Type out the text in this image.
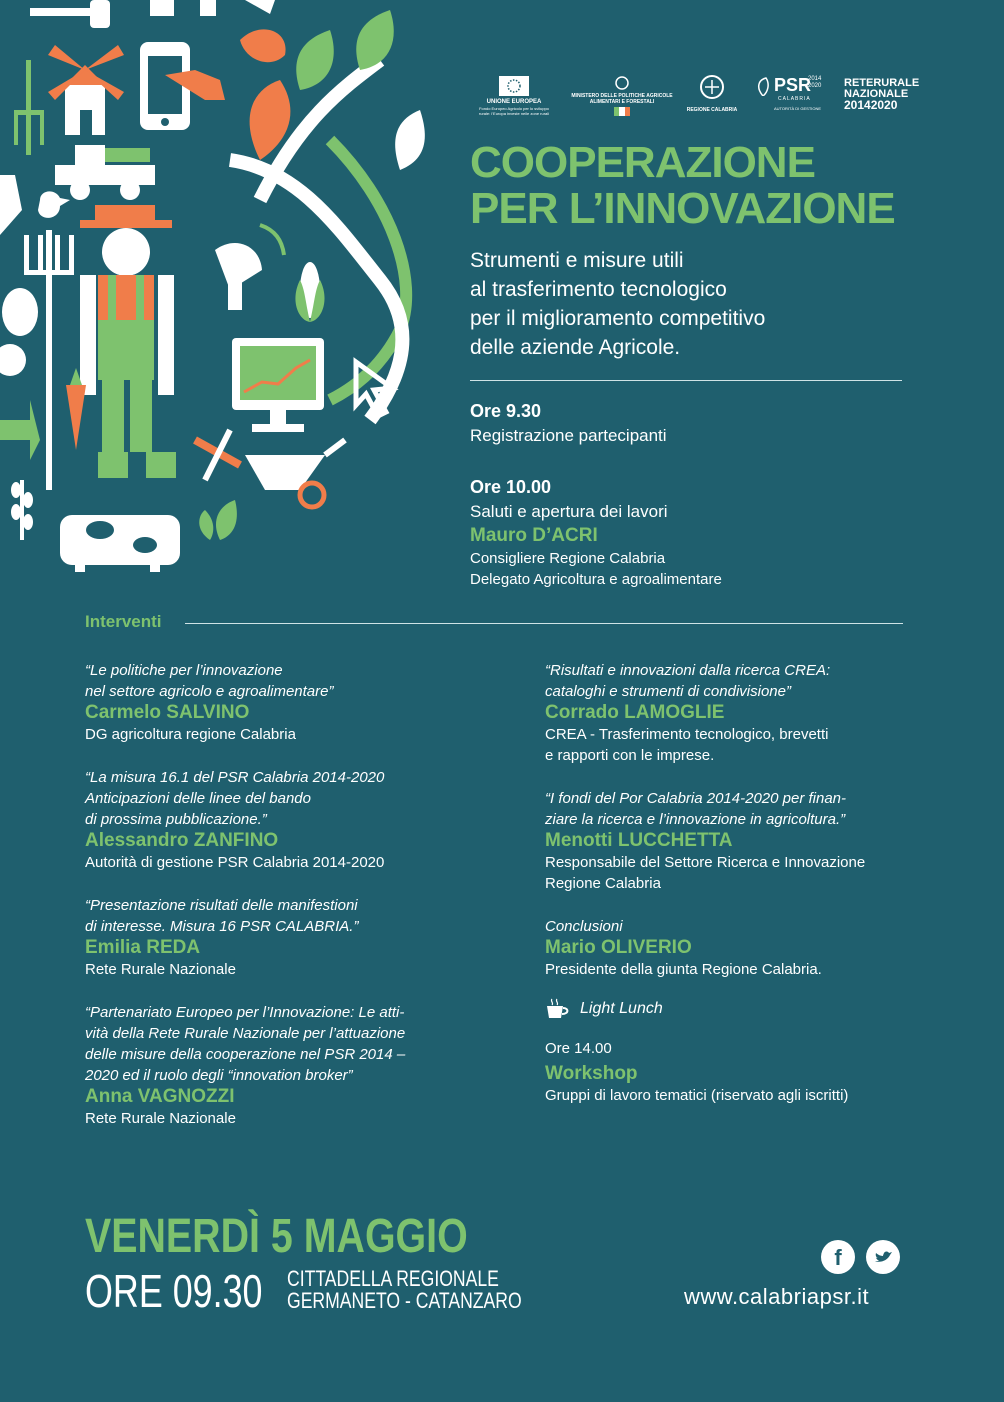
UNIONE EUROPEA
Fondo Europeo Agricolo per lo sviluppo rurale: l'Europa investe nelle zone rurali
MINISTERO DELLE POLITICHE AGRICOLE ALIMENTARI E FORESTALI
REGIONE CALABRIA
PSR
2014 2020
CALABRIA
AUTORITÀ DI GESTIONE
RETERURALE
NAZIONALE
20142020
COOPERAZIONE
PER L’INNOVAZIONE
Strumenti e misure utili
al trasferimento tecnologico
per il miglioramento competitivo
delle aziende Agricole.
Ore 9.30
Registrazione partecipanti
Ore 10.00
Saluti e apertura dei lavori
Mauro D’ACRI
Consigliere Regione Calabria
Delegato Agricoltura e agroalimentare
Interventi
“Le politiche per l’innovazione
nel settore agricolo e agroalimentare”
Carmelo SALVINO
DG agricoltura regione Calabria
“La misura 16.1 del PSR Calabria 2014-2020
Anticipazioni delle linee del bando
di prossima pubblicazione.”
Alessandro ZANFINO
Autorità di gestione PSR Calabria 2014-2020
“Presentazione risultati delle manifestioni
di interesse. Misura 16 PSR CALABRIA.”
Emilia REDA
Rete Rurale Nazionale
“Partenariato Europeo per l’Innovazione: Le atti-
vità della Rete Rurale Nazionale per l’attuazione
delle misure della cooperazione nel PSR 2014 –
2020 ed il ruolo degli “innovation broker”
Anna VAGNOZZI
Rete Rurale Nazionale
“Risultati e innovazioni dalla ricerca CREA:
cataloghi e strumenti di condivisione”
Corrado LAMOGLIE
CREA - Trasferimento tecnologico, brevetti
e rapporti con le imprese.
“I fondi del Por Calabria 2014-2020 per finan-
ziare la ricerca e l’innovazione in agricoltura.”
Menotti LUCCHETTA
Responsabile del Settore Ricerca e Innovazione
Regione Calabria
Conclusioni
Mario OLIVERIO
Presidente della giunta Regione Calabria.
Light Lunch
Ore 14.00
Workshop
Gruppi di lavoro tematici (riservato agli iscritti)
VENERDÌ 5 MAGGIO
ORE 09.30 CITTADELLA REGIONALE
GERMANETO - CATANZARO
f
www.calabriapsr.it
